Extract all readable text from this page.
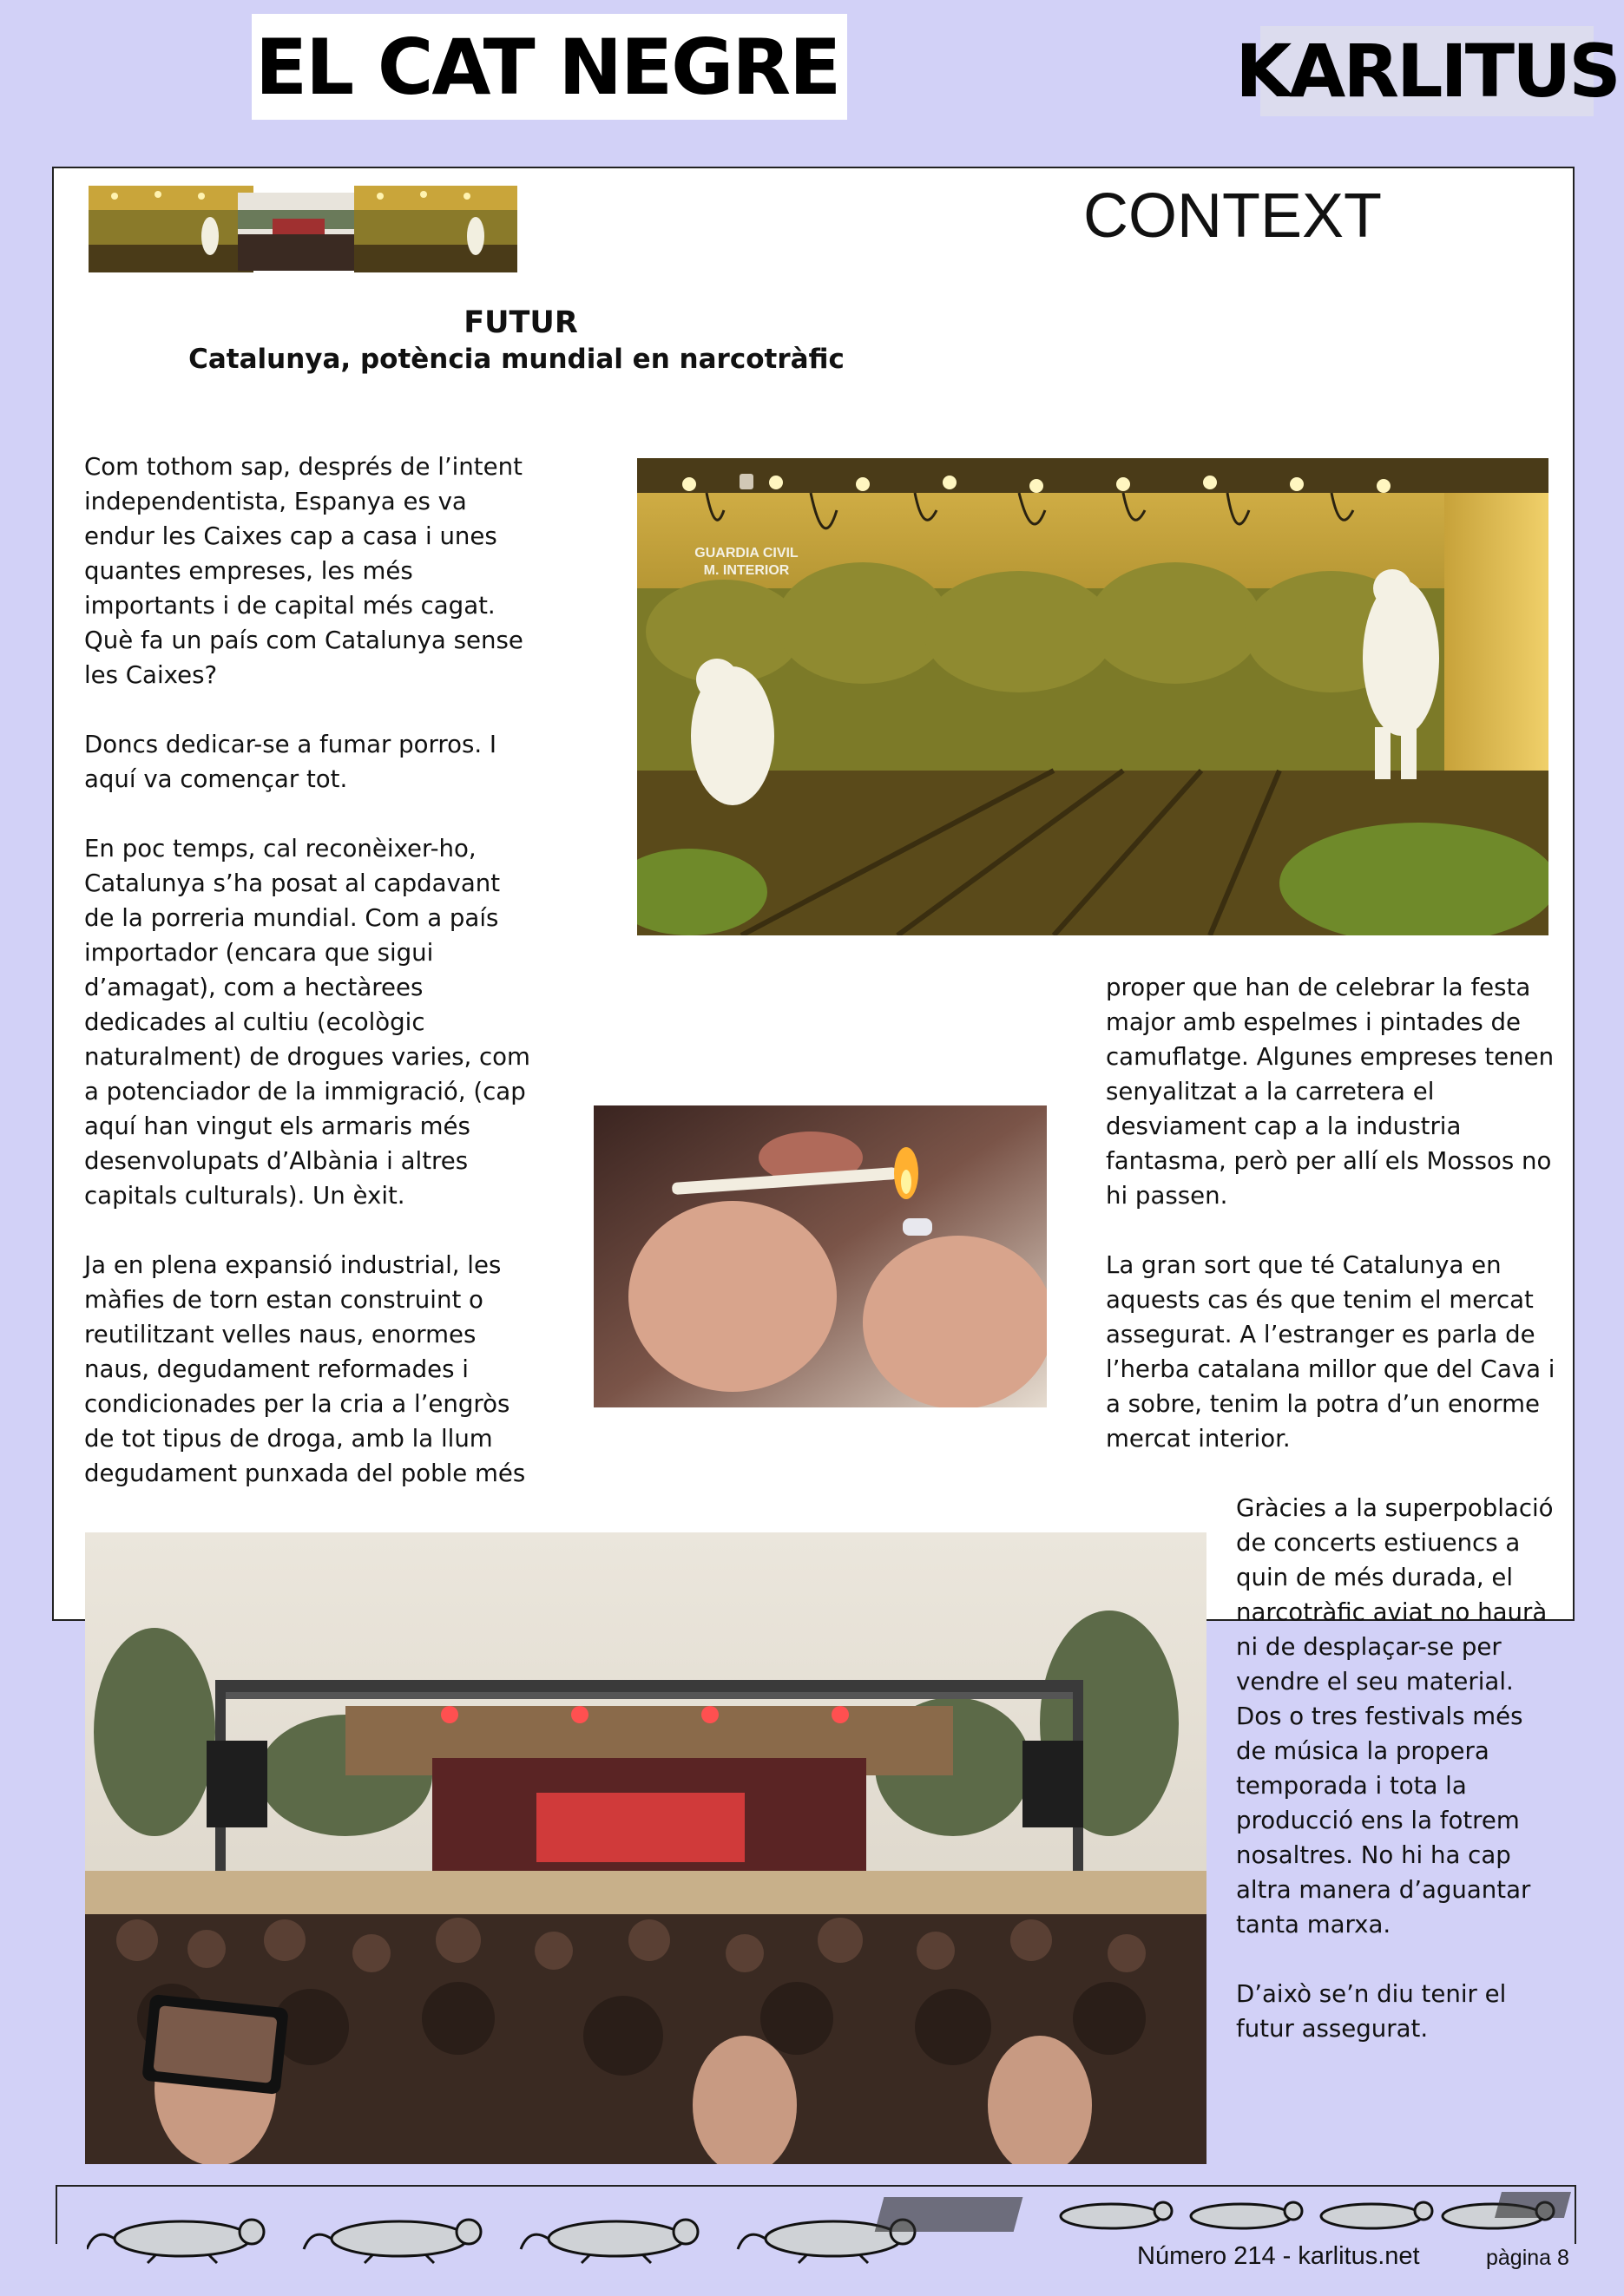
EL CAT NEGRE	KARLITUS
CONTEXT
FUTUR
Catalunya, potència mundial en narcotràfic

Com tothom sap, després de l’intent independentista, Espanya es va endur les Caixes cap a casa i unes quantes empreses, les més importants i de capital més cagat. Què fa un país com Catalunya sense les Caixes?

Doncs dedicar-se a fumar porros. I aquí va començar tot.

En poc temps, cal reconèixer-ho, Catalunya s’ha posat al capdavant de la porreria mundial. Com a país importador (encara que sigui d’amagat), com a hectàrees dedicades al cultiu (ecològic naturalment) de drogues varies, com a potenciador de la immigració, (cap aquí han vingut els armaris més desenvolupats d’Albània i altres capitals culturals). Un èxit.

Ja en plena expansió industrial, les màfies de torn estan construint o reutilitzant velles naus, enormes naus, degudament reformades i condicionades per la cria a l’engròs de tot tipus de droga, amb la llum degudament punxada del poble més

GUARDIA CIVIL
M. INTERIOR

proper que han de celebrar la festa major amb espelmes i pintades de camuflatge. Algunes empreses tenen senyalitzat a la carretera el desviament cap a la industria fantasma, però per allí els Mossos no hi passen.

La gran sort que té Catalunya en aquests cas és que tenim el mercat assegurat. A l’estranger es parla de l’herba catalana millor que del Cava i a sobre, tenim la potra d’un enorme mercat interior.

Gràcies a la superpoblació de concerts estiuencs a quin de més durada, el narcotràfic aviat no haurà ni de desplaçar-se per vendre el seu material. Dos o tres festivals més de música la propera temporada i tota la producció ens la fotrem nosaltres. No hi ha cap altra manera d’aguantar tanta marxa.

D’això se’n diu tenir el futur assegurat.

Número 214 - karlitus.net	pàgina 8
